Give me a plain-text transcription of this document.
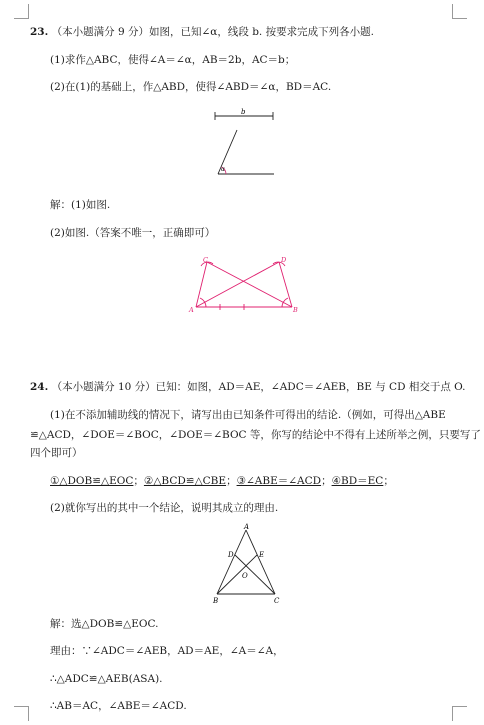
23. （本小题满分 9 分）如图，已知∠α，线段 b. 按要求完成下列各小题.
(1)求作△ABC，使得∠A＝∠α，AB＝2b，AC＝b；
(2)在(1)的基础上，作△ABD，使得∠ABD＝∠α，BD＝AC.
b
α
解：(1)如图.
(2)如图.（答案不唯一，正确即可）
C	D
A	B
24. （本小题满分 10 分）已知：如图，AD＝AE，∠ADC＝∠AEB，BE 与 CD 相交于点 O.
(1)在不添加辅助线的情况下，请写出由已知条件可得出的结论.（例如，可得出△ABE
≌△ACD，∠DOE＝∠BOC，∠DOE＝∠BOC 等，你写的结论中不得有上述所举之例，只要写了
四个即可）
①△DOB≌△EOC；②△BCD≌△CBE；③∠ABE＝∠ACD；④BD＝EC；
(2)就你写出的其中一个结论，说明其成立的理由.
A
D	E
O
B	C
解：选△DOB≌△EOC.
理由：∵∠ADC＝∠AEB，AD＝AE，∠A＝∠A，
∴△ADC≌△AEB(ASA).
∴AB＝AC，∠ABE＝∠ACD.
